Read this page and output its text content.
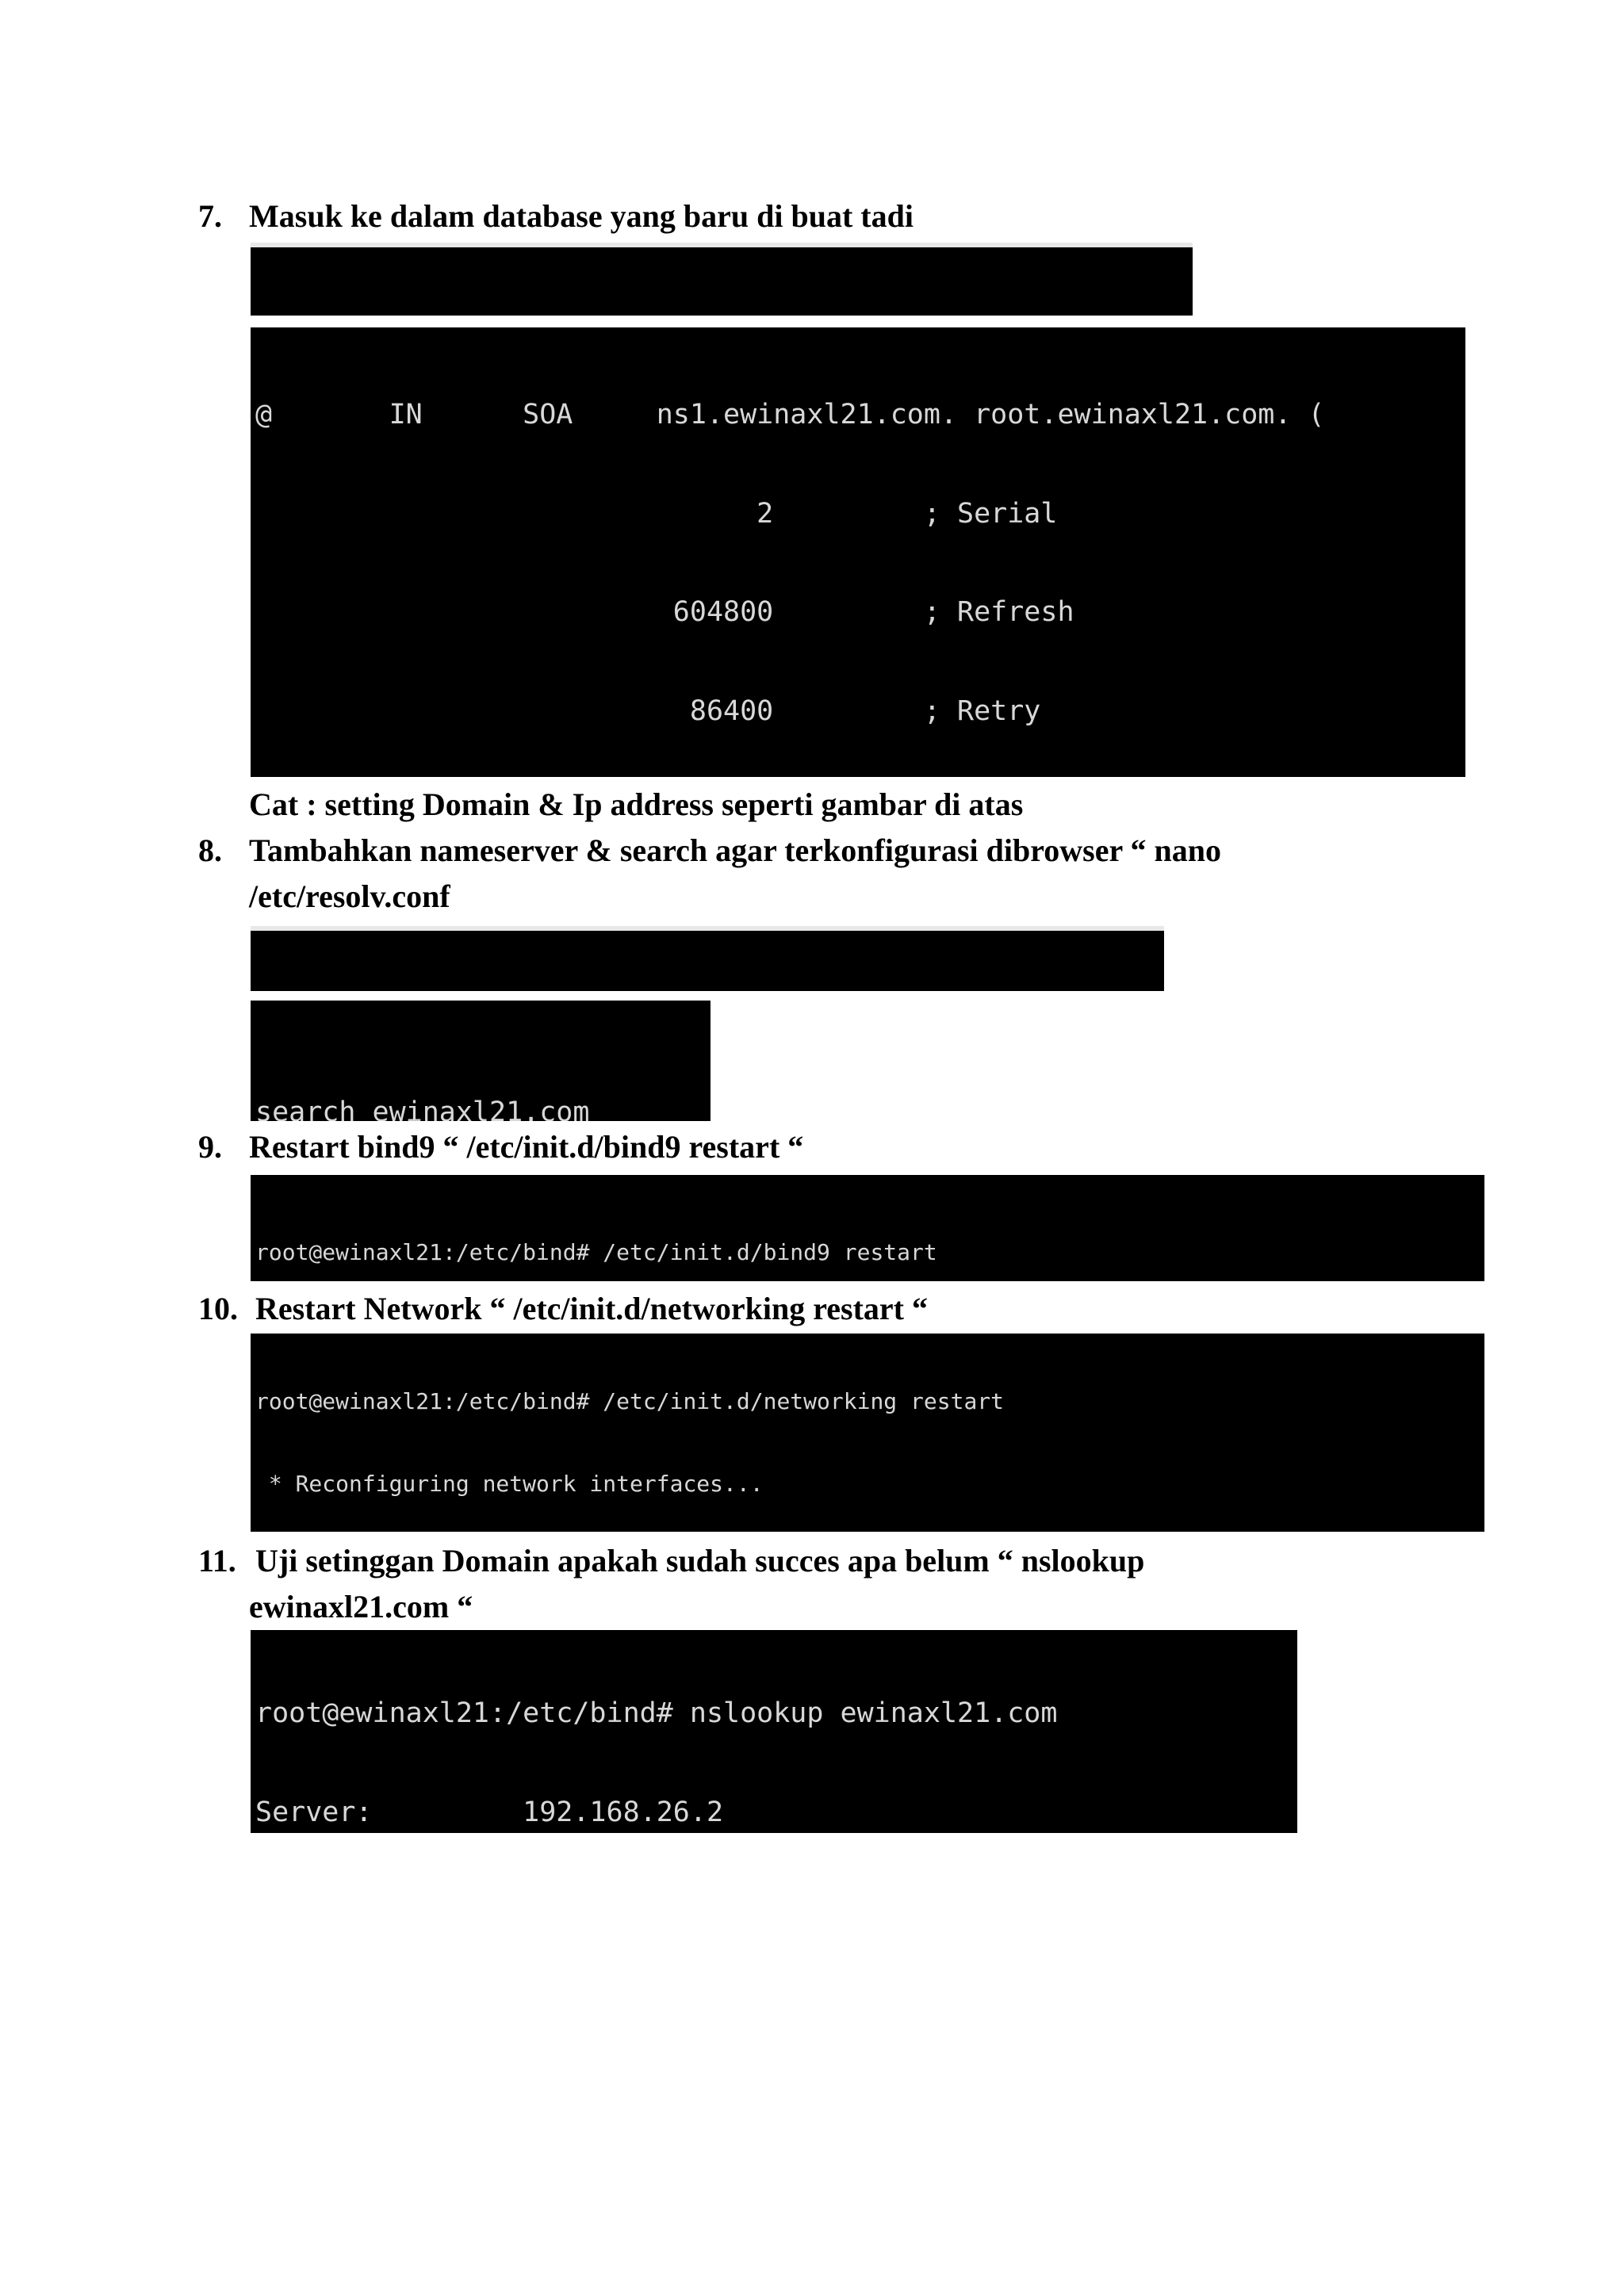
7. Masuk ke dalam database yang baru di buat tadi

@       IN      SOA     ns1.ewinaxl21.com. root.ewinaxl21.com. (

2         ; Serial

604800         ; Refresh

86400         ; Retry

Cat : setting Domain & Ip address seperti gambar di atas
8. Tambahkan nameserver & search agar terkonfigurasi dibrowser “ nano
/etc/resolv.conf

search ewinaxl21.com

9. Restart bind9 “ /etc/init.d/bind9 restart “

root@ewinaxl21:/etc/bind# /etc/init.d/bind9 restart

10. Restart Network “ /etc/init.d/networking restart “

root@ewinaxl21:/etc/bind# /etc/init.d/networking restart

* Reconfiguring network interfaces...

11. Uji setinggan Domain apakah sudah succes apa belum “ nslookup
ewinaxl21.com “

root@ewinaxl21:/etc/bind# nslookup ewinaxl21.com

Server:         192.168.26.2
